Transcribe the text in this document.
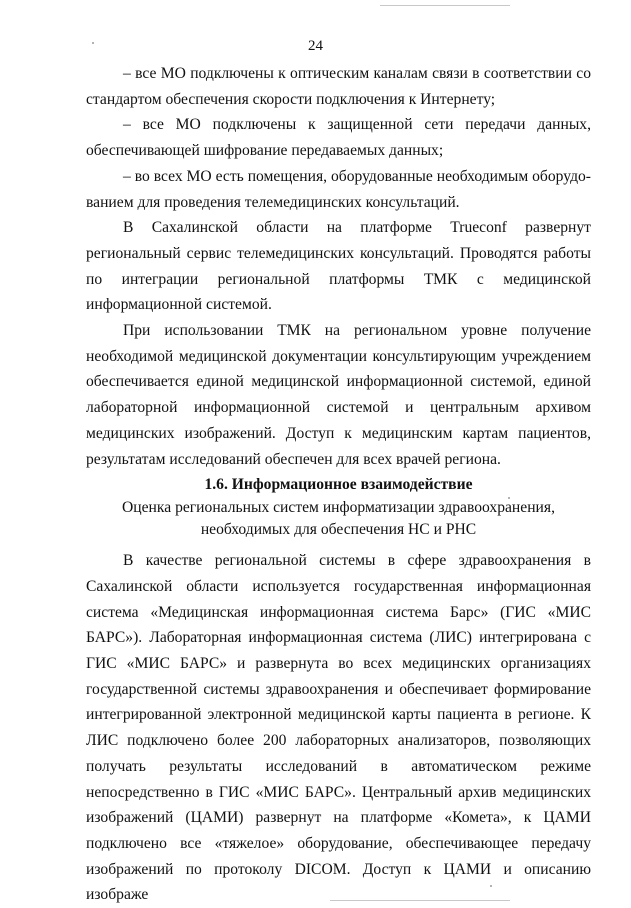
24

– все МО подключены к оптическим каналам связи в соответствии со стандартом обеспечения скорости подключения к Интернету;

– все МО подключены к защищенной сети передачи данных, обеспечивающей шифрование передаваемых данных;

– во всех МО есть помещения, оборудованные необходимым оборудованием для проведения телемедицинских консультаций.

В Сахалинской области на платформе Trueconf развернут региональный сервис телемедицинских консультаций. Проводятся работы по интеграции региональной платформы ТМК с медицинской информационной системой.

При использовании ТМК на региональном уровне получение необходимой медицинской документации консультирующим учреждением обеспечивается единой медицинской информационной системой, единой лабораторной информационной системой и центральным архивом медицинских изображений. Доступ к медицинским картам пациентов, результатам исследований обеспечен для всех врачей региона.

1.6. Информационное взаимодействие

Оценка региональных систем информатизации здравоохранения,

необходимых для обеспечения НС и РНС

В качестве региональной системы в сфере здравоохранения в Сахалинской области используется государственная информационная система «Медицинская информационная система Барс» (ГИС «МИС БАРС»). Лабораторная информационная система (ЛИС) интегрирована с ГИС «МИС БАРС» и развернута во всех медицинских организациях государственной системы здравоохранения и обеспечивает формирование интегрированной электронной медицинской карты пациента в регионе. К ЛИС подключено более 200 лабораторных анализаторов, позволяющих получать результаты исследований в автоматическом режиме непосредственно в ГИС «МИС БАРС». Центральный архив медицинских изображений (ЦАМИ) развернут на платформе «Комета», к ЦАМИ подключено все «тяжелое» оборудование, обеспечивающее передачу изображений по протоколу DICOM. Доступ к ЦАМИ и описанию изображе
